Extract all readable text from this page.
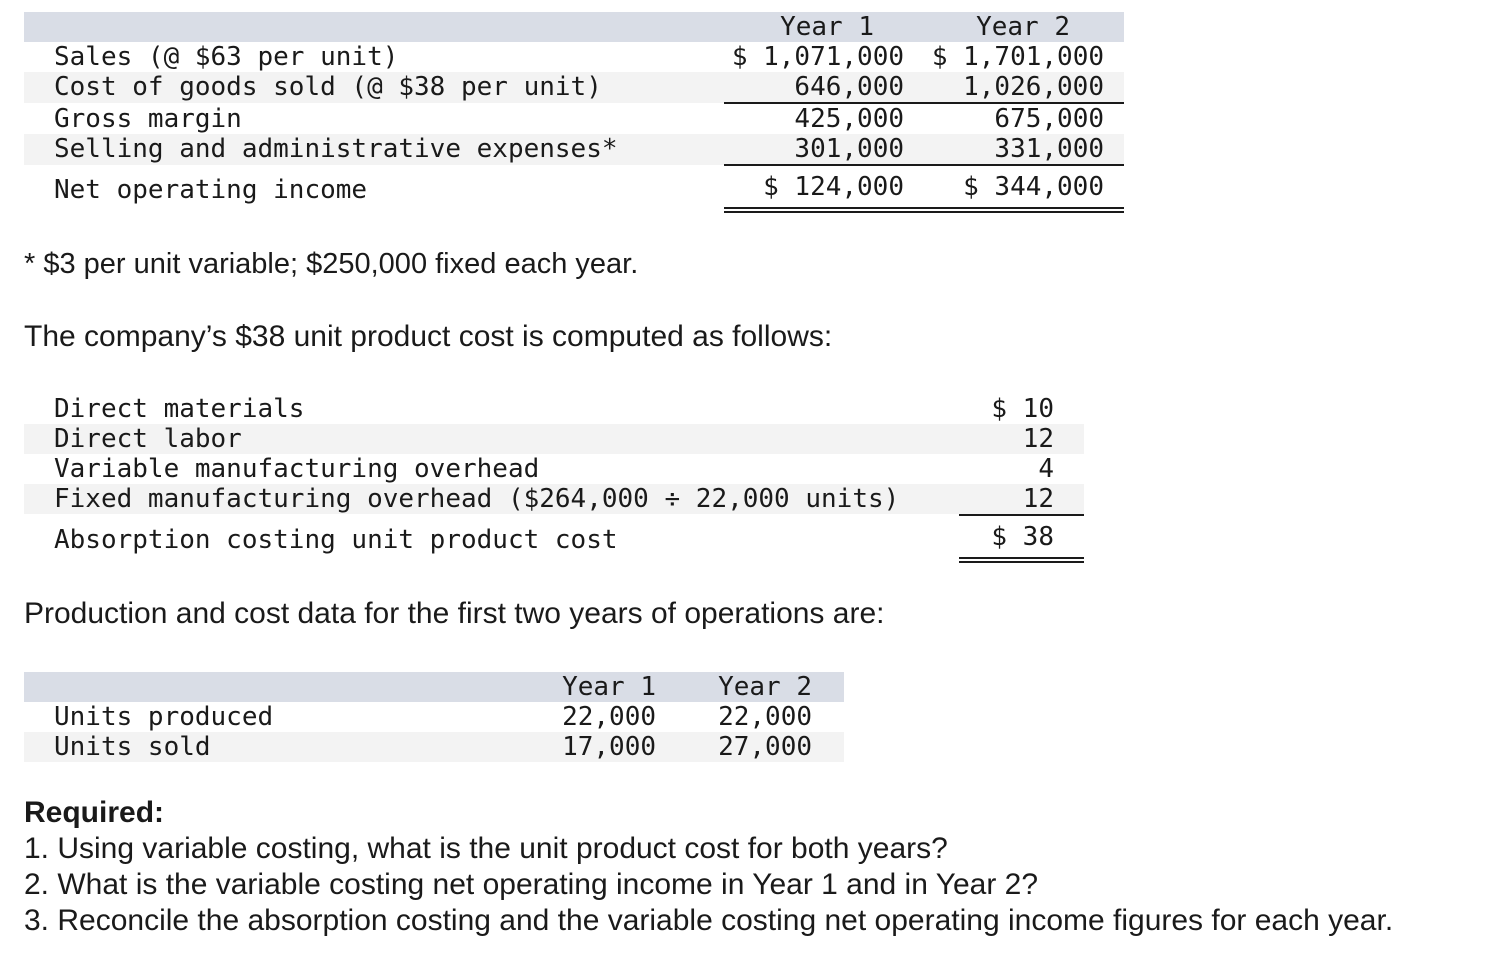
Year 1	Year 2
Sales (@ $63 per unit)	$ 1,071,000	$ 1,701,000
Cost of goods sold (@ $38 per unit)	646,000	1,026,000
Gross margin	425,000	675,000
Selling and administrative expenses*	301,000	331,000
Net operating income	$ 124,000	$ 344,000
* $3 per unit variable; $250,000 fixed each year.
The company’s $38 unit product cost is computed as follows:
Direct materials	$ 10
Direct labor	12
Variable manufacturing overhead	4
Fixed manufacturing overhead ($264,000 ÷ 22,000 units)	12
Absorption costing unit product cost	$ 38
Production and cost data for the first two years of operations are:
Year 1	Year 2
Units produced	22,000	22,000
Units sold	17,000	27,000
Required:
1. Using variable costing, what is the unit product cost for both years?
2. What is the variable costing net operating income in Year 1 and in Year 2?
3. Reconcile the absorption costing and the variable costing net operating income figures for each year.
